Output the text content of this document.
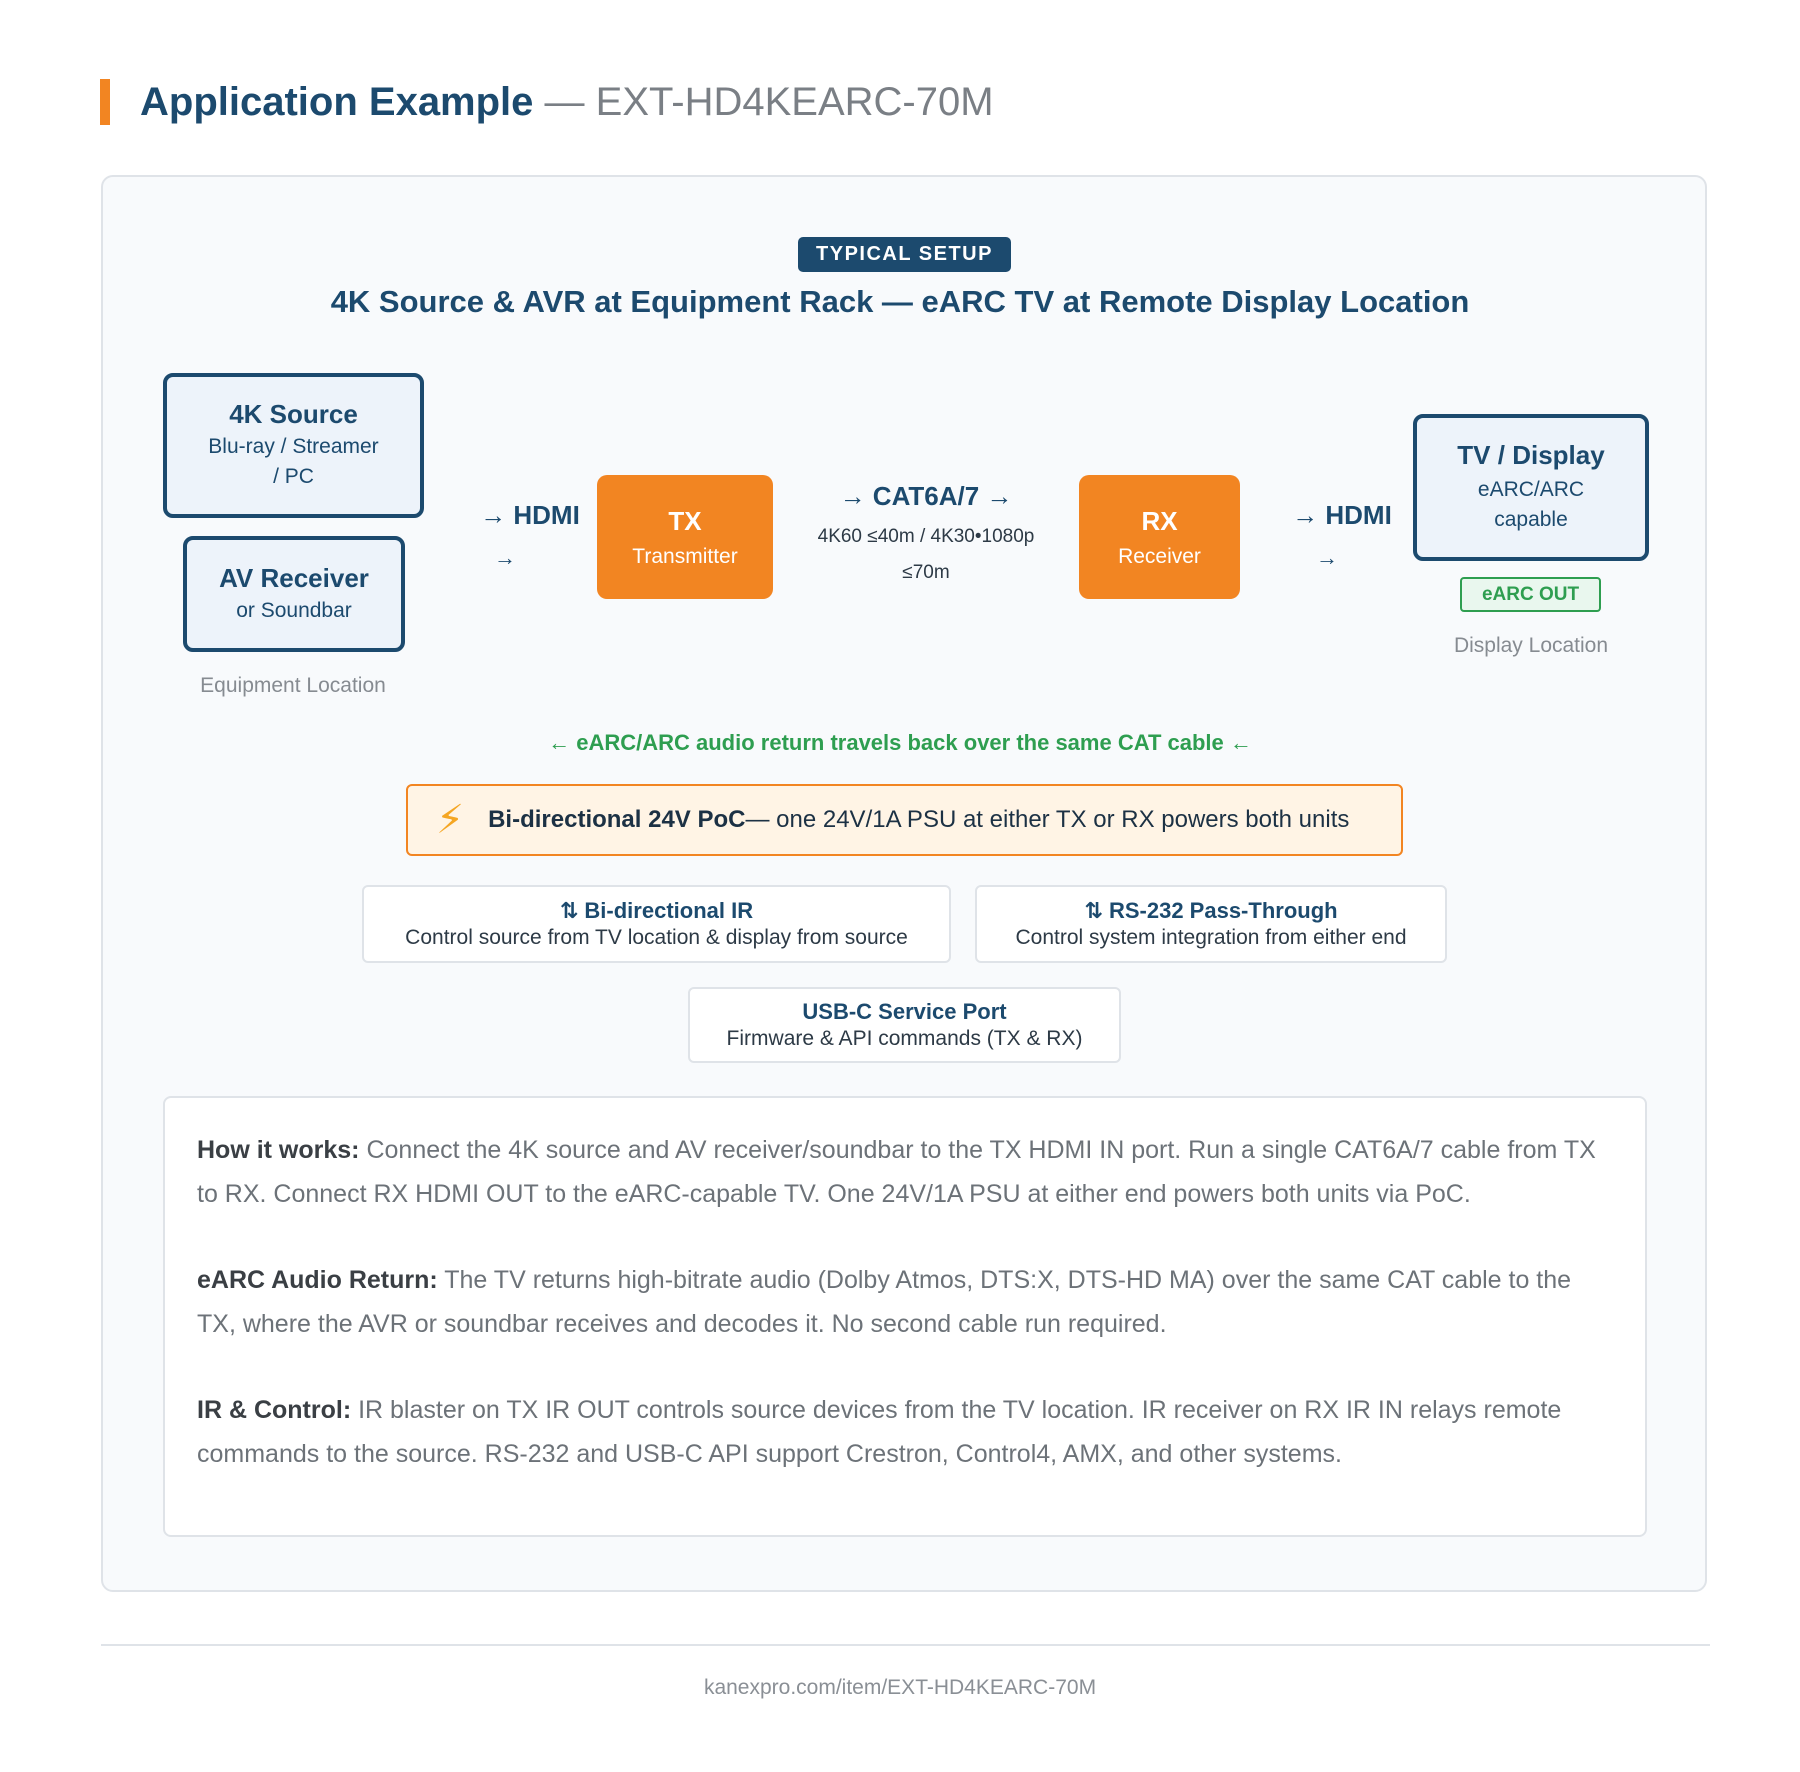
Application Example — EXT-HD4KEARC-70M
TYPICAL SETUP
4K Source & AVR at Equipment Rack — eARC TV at Remote Display Location
4K Source
Blu-ray / Streamer
/ PC
AV Receiver
or Soundbar
Equipment Location
→ HDMI
→
TX
Transmitter
→ CAT6A/7 →
4K60 ≤40m / 4K30•1080p
≤70m
RX
Receiver
→ HDMI
→
TV / Display
eARC/ARC
capable
eARC OUT
Display Location
← eARC/ARC audio return travels back over the same CAT cable ←
⚡ Bi-directional 24V PoC — one 24V/1A PSU at either TX or RX powers both units
⇅ Bi-directional IR
Control source from TV location & display from source
⇅ RS-232 Pass-Through
Control system integration from either end
USB-C Service Port
Firmware & API commands (TX & RX)

How it works: Connect the 4K source and AV receiver/soundbar to the TX HDMI IN port. Run a single CAT6A/7 cable from TX to RX. Connect RX HDMI OUT to the eARC-capable TV. One 24V/1A PSU at either end powers both units via PoC.

eARC Audio Return: The TV returns high-bitrate audio (Dolby Atmos, DTS:X, DTS-HD MA) over the same CAT cable to the TX, where the AVR or soundbar receives and decodes it. No second cable run required.

IR & Control: IR blaster on TX IR OUT controls source devices from the TV location. IR receiver on RX IR IN relays remote commands to the source. RS-232 and USB-C API support Crestron, Control4, AMX, and other systems.

kanexpro.com/item/EXT-HD4KEARC-70M
